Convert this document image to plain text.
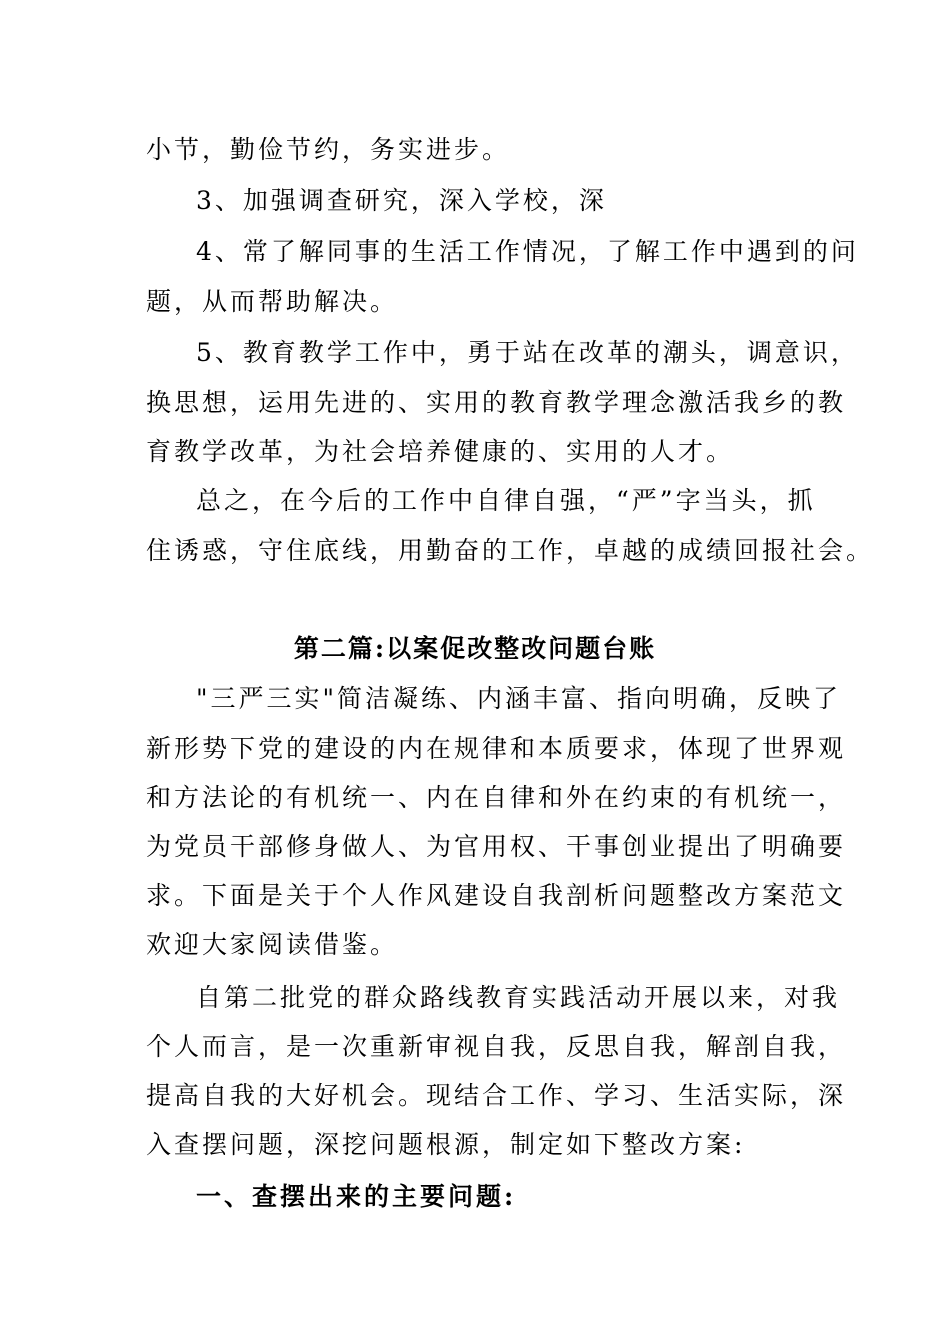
小节，勤俭节约，务实进步。
3、加强调查研究，深入学校，深
4、常了解同事的生活工作情况，了解工作中遇到的问
题，从而帮助解决。
5、教育教学工作中，勇于站在改革的潮头，调意识，
换思想，运用先进的、实用的教育教学理念激活我乡的教
育教学改革，为社会培养健康的、实用的人才。
总之，在今后的工作中自律自强，“严”字当头，抓
住诱惑，守住底线，用勤奋的工作，卓越的成绩回报社会。
第二篇:以案促改整改问题台账
"三严三实"简洁凝练、内涵丰富、指向明确，反映了
新形势下党的建设的内在规律和本质要求，体现了世界观
和方法论的有机统一、内在自律和外在约束的有机统一，
为党员干部修身做人、为官用权、干事创业提出了明确要
求。下面是关于个人作风建设自我剖析问题整改方案范文
欢迎大家阅读借鉴。
自第二批党的群众路线教育实践活动开展以来，对我
个人而言，是一次重新审视自我，反思自我，解剖自我，
提高自我的大好机会。现结合工作、学习、生活实际，深
入查摆问题，深挖问题根源，制定如下整改方案:
一、查摆出来的主要问题:
